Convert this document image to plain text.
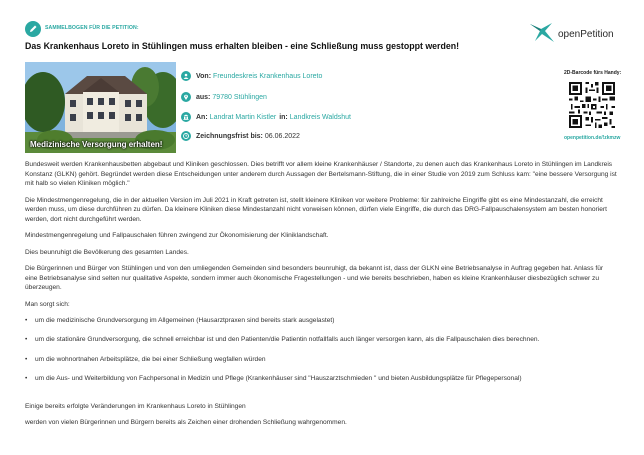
SAMMELBOGEN FÜR DIE PETITION:
Das Krankenhaus Loreto in Stühlingen muss erhalten bleiben - eine Schließung muss gestoppt werden!
openPetition
Medizinische Versorgung erhalten!
Von: Freundeskreis Krankenhaus Loreto
aus: 79780 Stühlingen
An: Landrat Martin Kistler in: Landkreis Waldshut
Zeichnungsfrist bis: 06.06.2022
2D-Barcode fürs Handy:
openpetition.de/!zkmzw

Bundesweit werden Krankenhausbetten abgebaut und Kliniken geschlossen. Dies betrifft vor allem kleine Krankenhäuser / Standorte, zu denen auch das Krankenhaus Loreto in Stühlingen im Landkreis Konstanz (GLKN) gehört. Begründet werden diese Entscheidungen unter anderem durch Aussagen der Bertelsmann-Stiftung, die in einer Studie von 2019 zum Schluss kam: "eine bessere Versorgung ist mit halb so vielen Kliniken möglich."

Die Mindestmengenregelung, die in der aktuellen Version im Juli 2021 in Kraft getreten ist, stellt kleinere Kliniken vor weitere Probleme: für zahlreiche Eingriffe gibt es eine Mindestanzahl, die erreicht werden muss, um diese durchführen zu dürfen. Da kleinere Kliniken diese Mindestanzahl nicht vorweisen können, dürfen viele Eingriffe, die durch das DRG-Fallpauschalensystem am besten honoriert werden, dort nicht durchgeführt werden.

Mindestmengenregelung und Fallpauschalen führen zwingend zur Ökonomisierung der Kliniklandschaft.

Dies beunruhigt die Bevölkerung des gesamten Landes.

Die Bürgerinnen und Bürger von Stühlingen und von den umliegenden Gemeinden sind besonders beunruhigt, da bekannt ist, dass der GLKN eine Betriebsanalyse in Auftrag gegeben hat. Anlass für eine Betriebsanalyse sind selten nur qualitative Aspekte, sondern immer auch ökonomische Fragestellungen - und wie bereits beschrieben, haben es kleine Krankenhäuser diesbezüglich schwer zu überzeugen.

Man sorgt sich:

• um die medizinische Grundversorgung im Allgemeinen (Hausarztpraxen sind bereits stark ausgelastet)
• um die stationäre Grundversorgung, die schnell erreichbar ist und den Patienten/die Patientin notfallfalls auch länger versorgen kann, als die Fallpauschalen dies berechnen.
• um die wohnortnahen Arbeitsplätze, die bei einer Schließung wegfallen würden
• um die Aus- und Weiterbildung von Fachpersonal in Medizin und Pflege (Krankenhäuser sind "Hauszarztschmieden " und bieten Ausbildungsplätze für Pflegepersonal)

Einige bereits erfolgte Veränderungen im Krankenhaus Loreto in Stühlingen

werden von vielen Bürgerinnen und Bürgern bereits als Zeichen einer drohenden Schließung wahrgenommen.
